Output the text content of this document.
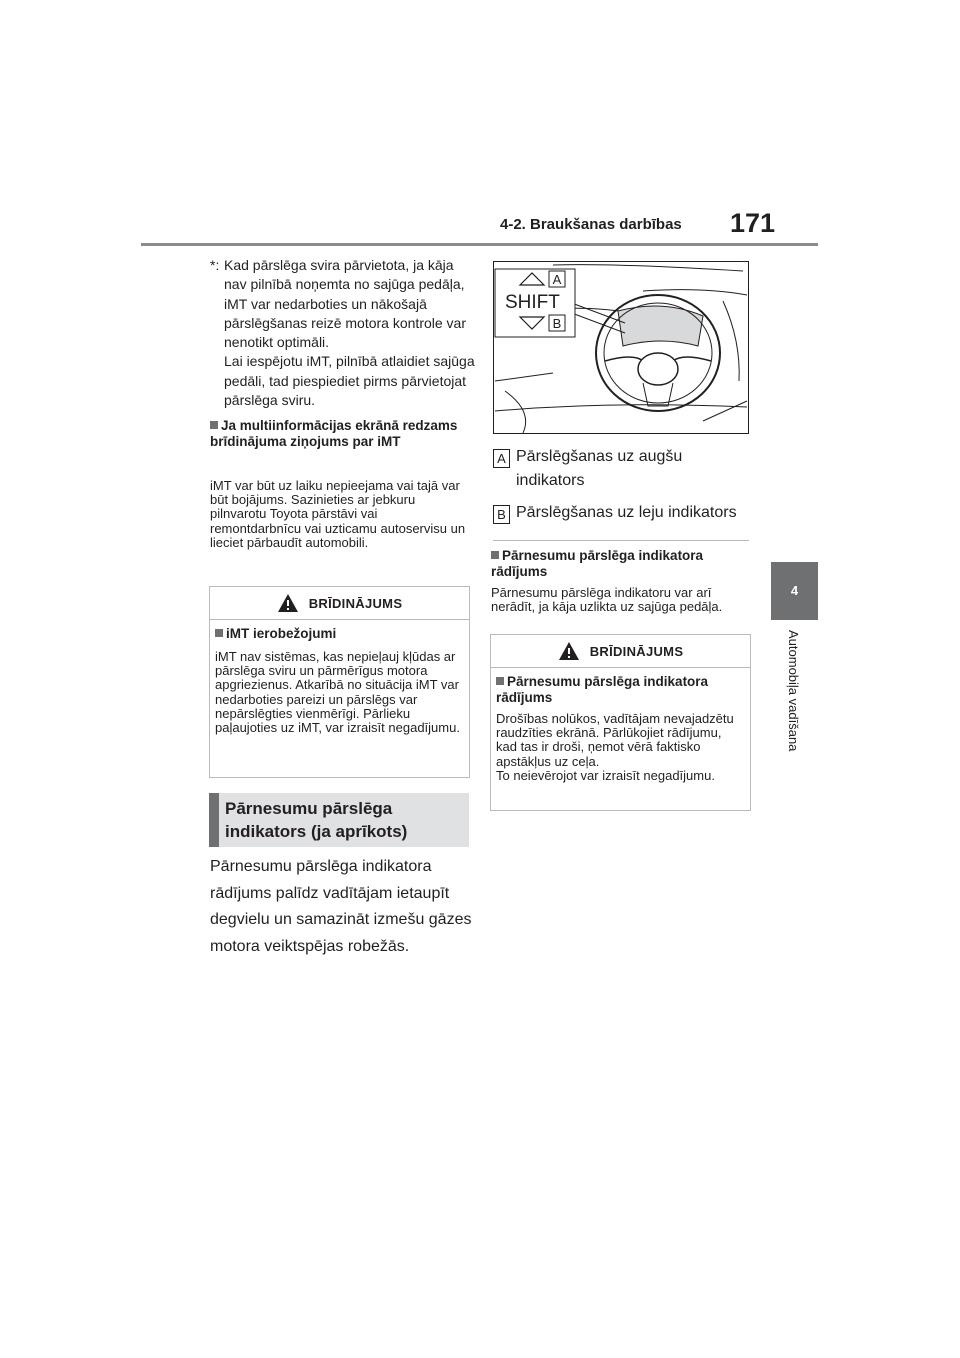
4-2. Braukšanas darbības	171
4
Automobiļa vadīšana
*: Kad pārslēga svira pārvietota, ja kāja nav pilnībā noņemta no sajūga pedāļa, iMT var nedarboties un nākošajā pārslēgšanas reizē motora kontrole var nenotikt optimāli.
Lai iespējotu iMT, pilnībā atlaidiet sajūga pedāli, tad piespiediet pirms pārvietojat pārslēga sviru.
Ja multiinformācijas ekrānā redzams brīdinājuma ziņojums par iMT
iMT var būt uz laiku nepieejama vai tajā var būt bojājums. Sazinieties ar jebkuru pilnvarotu Toyota pārstāvi vai remontdarbnīcu vai uzticamu autoservisu un lieciet pārbaudīt automobili.
BRĪDINĀJUMS
iMT ierobežojumi
iMT nav sistēmas, kas nepieļauj kļūdas ar pārslēga sviru un pārmērīgus motora apgriezienus. Atkarībā no situācija iMT var nedarboties pareizi un pārslēgs var nepārslēgties vienmērīgi. Pārlieku paļaujoties uz iMT, var izraisīt negadījumu.
Pārnesumu pārslēga indikators (ja aprīkots)
Pārnesumu pārslēga indikatora rādījums palīdz vadītājam ietaupīt degvielu un samazināt izmešu gāzes motora veiktspējas robežās.
A
SHIFT
B
A Pārslēgšanas uz augšu
indikators
B Pārslēgšanas uz leju indikators
Pārnesumu pārslēga indikatora rādījums
Pārnesumu pārslēga indikatoru var arī nerādīt, ja kāja uzlikta uz sajūga pedāļa.
BRĪDINĀJUMS
Pārnesumu pārslēga indikatora rādījums
Drošības nolūkos, vadītājam nevajadzētu raudzīties ekrānā. Pārlūkojiet rādījumu, kad tas ir droši, ņemot vērā faktisko apstākļus uz ceļa.
To neievērojot var izraisīt negadījumu.
